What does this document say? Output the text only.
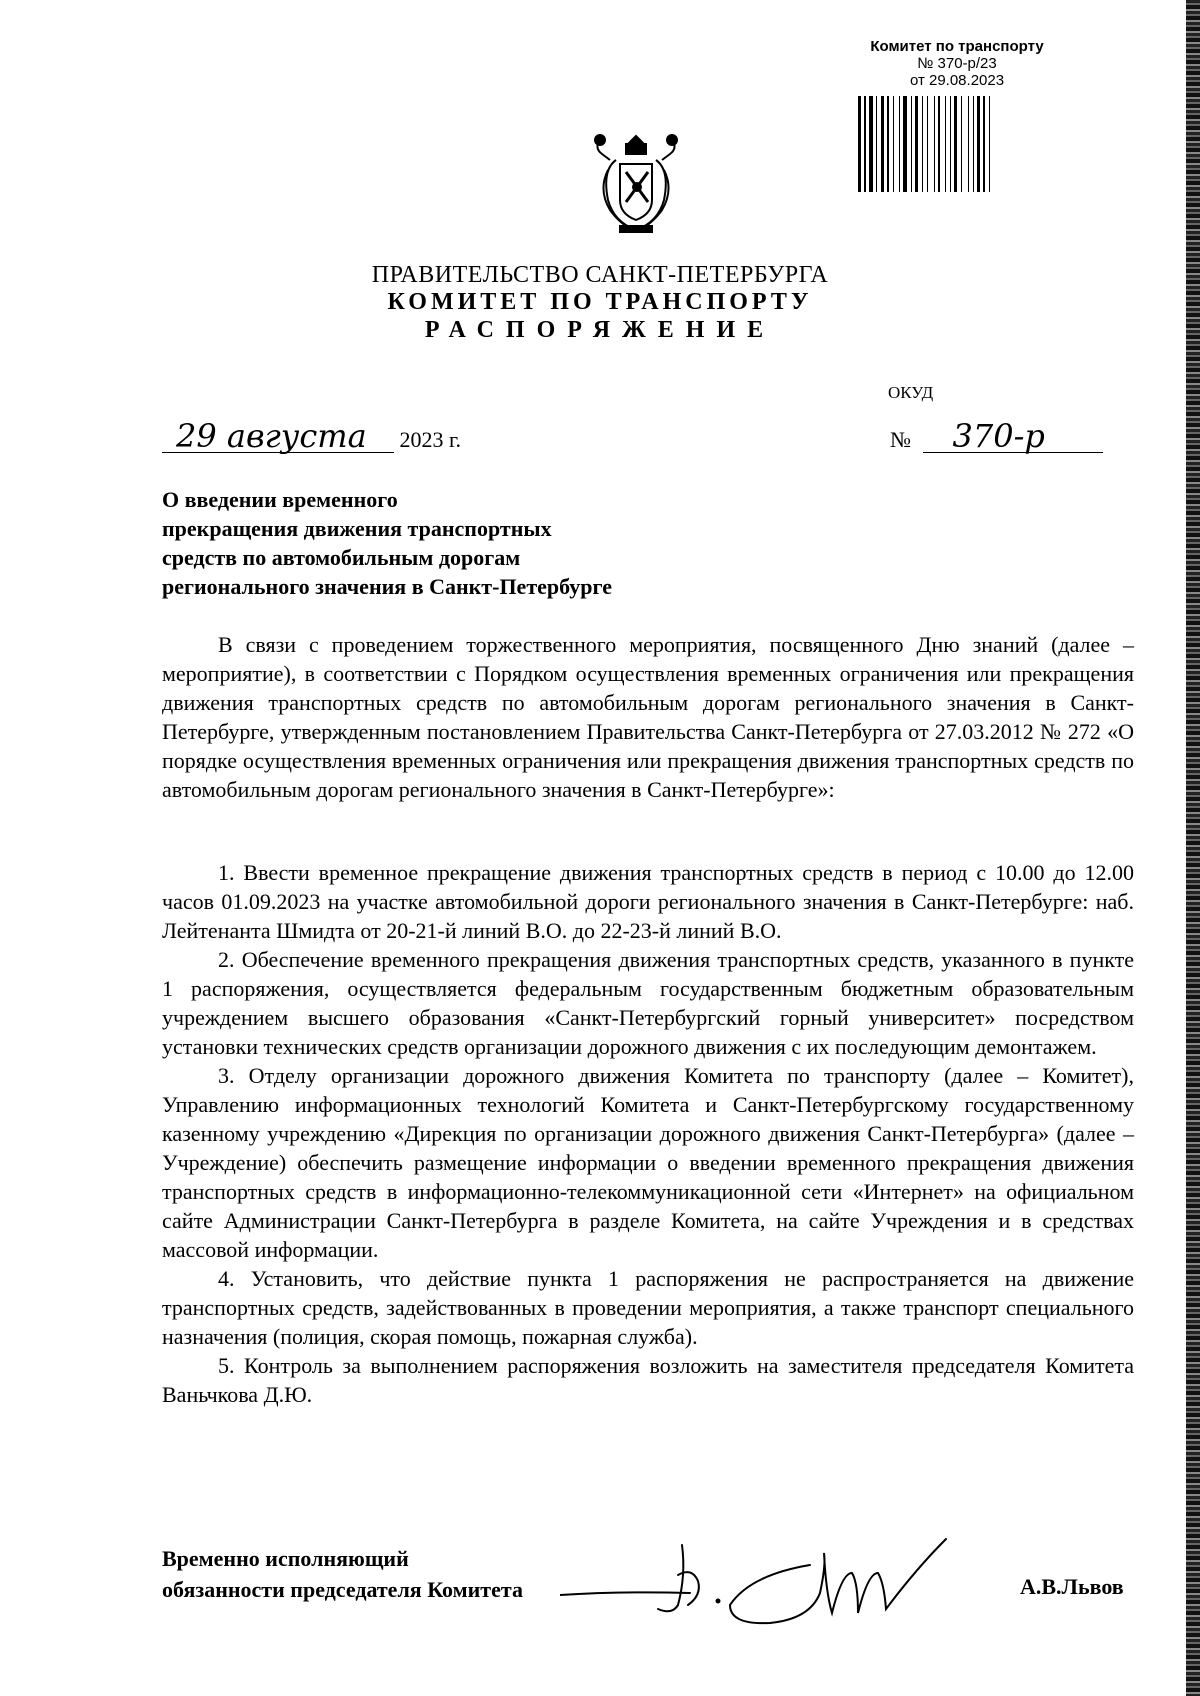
Комитет по транспорту
№ 370-р/23
от 29.08.2023
ПРАВИТЕЛЬСТВО САНКТ-ПЕТЕРБУРГА
КОМИТЕТ ПО ТРАНСПОРТУ
РАСПОРЯЖЕНИЕ
ОКУД
29 августа 2023 г.	№ 370-р
О введении временного
прекращения движения транспортных
средств по автомобильным дорогам
регионального значения в Санкт-Петербурге

В связи с проведением торжественного мероприятия, посвященного Дню знаний (далее – мероприятие), в соответствии с Порядком осуществления временных ограничения или прекращения движения транспортных средств по автомобильным дорогам регионального значения в Санкт-Петербурге, утвержденным постановлением Правительства Санкт-Петербурга от 27.03.2012 № 272 «О порядке осуществления временных ограничения или прекращения движения транспортных средств по автомобильным дорогам регионального значения в Санкт-Петербурге»:

1. Ввести временное прекращение движения транспортных средств в период с 10.00 до 12.00 часов 01.09.2023 на участке автомобильной дороги регионального значения в Санкт-Петербурге: наб. Лейтенанта Шмидта от 20-21-й линий В.О. до 22-23-й линий В.О.

2. Обеспечение временного прекращения движения транспортных средств, указанного в пункте 1 распоряжения, осуществляется федеральным государственным бюджетным образовательным учреждением высшего образования «Санкт-Петербургский горный университет» посредством установки технических средств организации дорожного движения с их последующим демонтажем.

3. Отделу организации дорожного движения Комитета по транспорту (далее – Комитет), Управлению информационных технологий Комитета и Санкт-Петербургскому государственному казенному учреждению «Дирекция по организации дорожного движения Санкт-Петербурга» (далее – Учреждение) обеспечить размещение информации о введении временного прекращения движения транспортных средств в информационно-телекоммуникационной сети «Интернет» на официальном сайте Администрации Санкт-Петербурга в разделе Комитета, на сайте Учреждения и в средствах массовой информации.

4. Установить, что действие пункта 1 распоряжения не распространяется на движение транспортных средств, задействованных в проведении мероприятия, а также транспорт специального назначения (полиция, скорая помощь, пожарная служба).

5. Контроль за выполнением распоряжения возложить на заместителя председателя Комитета Ваньчкова Д.Ю.

Временно исполняющий
обязанности председателя Комитета	А.В.Львов
